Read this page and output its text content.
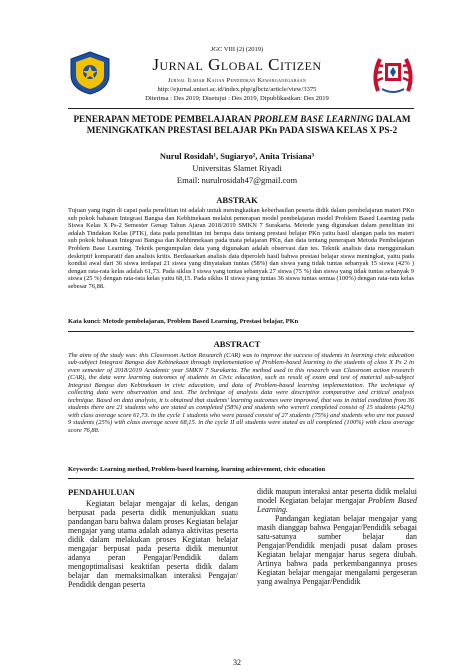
JGC VIII (2) (2019)
Jurnal Global Citizen
Jurnal Ilmiah Kajian Pendidikan Kewarganegaraan
http://ejurnal.unisri.ac.id/index.php/glbctz/article/view/3375
Diterima : Des 2019; Disetujui : Des 2019, Dipublikasikan: Des 2019
PENERAPAN METODE PEMBELAJARAN PROBLEM BASE LEARNING DALAM MENINGKATKAN PRESTASI BELAJAR PKn PADA SISWA KELAS X PS-2
Nurul Rosidah¹, Sugiaryo², Anita Trisiana³
Universitas Slamet Riyadi
Email: nurulrosidah47@gmail.com
ABSTRAK
Tujuan yang ingin di capai pada penelitian ini adalah untuk meningkatkan keberhasilan peserta didik dalam pembelajaran materi PKn sub pokok bahasan Integrasi Bangsa dan Kebhinekaan melalui penerapan model pembelajaran model Problem Based Learning pada Siswa Kelas X Ps-2 Semester Genap Tahun Ajaran 2018/2019 SMKN 7 Surakarta. Metode yang digunakan dalam penelitian ini adalah Tindakan Kelas (PTK), data pada penelitian ini berupa data tentang prestasi belajar PKn yaitu hasil ulangan pada tes materi sub pokok bahasan Integrasi Bangsa dan Kebhinnekaan pada mata pelajaran PKn, dan data tentang penerapan Metoda Pembelajaran Problem Base Learning. Teknik pengumpulan data yang digunakan adalah observasi dan tes. Teknik analisis data menggunakan deskriptif komparatif dan analisis kritis. Berdasarkan analisis data diperoleh hasil bahwa prestasi belajar siswa meningkat, yaitu pada kondisi awal dari 36 siswa terdapat 21 siswa yang dinyatakan tuntas (58%) dan siswa yang tidak tuntas sebanyak 15 siswa (42% ) dengan rata-rata kelas adalah 61,73. Pada siklus I siswa yang tuntas sebanyak 27 siswa (75 %) dan siswa yang tidak tuntas sebanyak 9 siswa (25 %) dengan rata-rata kelas yaitu 68,15. Pada siklus II siswa yang tuntas 36 siswa tuntas semua (100%) dengan rata-rata kelas sebesar 76,88.
Kata kunci: Metode pembelajaran, Problem Based Learning, Prestasi belajar, PKn
ABSTRACT
The aims of the study was: this Classroom Action Research (CAR) was to improve the success of students in learning civic education sub-subject Integrasi Bangsa dan Kebinekaan through implementation of Problem-based learning to the students of class X Ps 2 in even semester of 2018/2019 Academic year SMKN 7 Surakarta. The method used in this research was Classroom action research (CAR), the data were learning outcomes of students in Civic education, such as result of exam and test of material sub-subject Integrasi Bangsa dan Kebinekaan in civic education, and data of Problem-based learning implementation. The technique of collecting data were observation and test. The technique of analysis data were descriptive comparative and critical analysis technique. Based on data analysis, it is obtained that students' learning outcomes were improved, that was in initial condition from 36 students there are 21 students who are stated as completed (58%) and students who weren't completed consist of 15 students (42%) with class average score 61,73. in the cycle 1 students who were passed consist of 27 students (75%) and students who are not passed 9 students (25%) with class average score 68,15. in the cycle II all students were stated as all completed (100%) with class average score 76,88.
Keywords: Learning method, Problem-based learning, learning achievement, civic education
PENDAHULUAN
Kegiatan belajar mengajar di kelas, dengan berpusat pada peserta didik menunjukkan suatu pandangan baru bahwa dalam proses Kegiatan belajar mengajar yang utama adalah adanya aktivitas peserta didik dalam melakukan proses Kegiatan belajar mengajar berpusat pada peserta didik menuntut adanya peran Pengajar/Pendidik dalam mengoptimalisasi keaktifan peserta didik dalam belajar dan memaksimalkan interaksi Pengajar/ Pendidik dengan peserta
didik maupun interaksi antar peserta didik melalui model Kegiatan belajar mengajar Problem Based Learning.
Pandangan kegiatan belajar mengajar yang masih dianggap bahwa Pengajar/Pendidik sebagai satu-satunya sumber belajar dan Pengajar/Pendidik menjadi pusat dalam proses Kegiatan belajar mengajar harus segera diubah. Artinya bahwa pada perkembangannya proses Kegiatan belajar mengajar mengalami pergeseran yang awalnya Pengajar/Pendidik
32
